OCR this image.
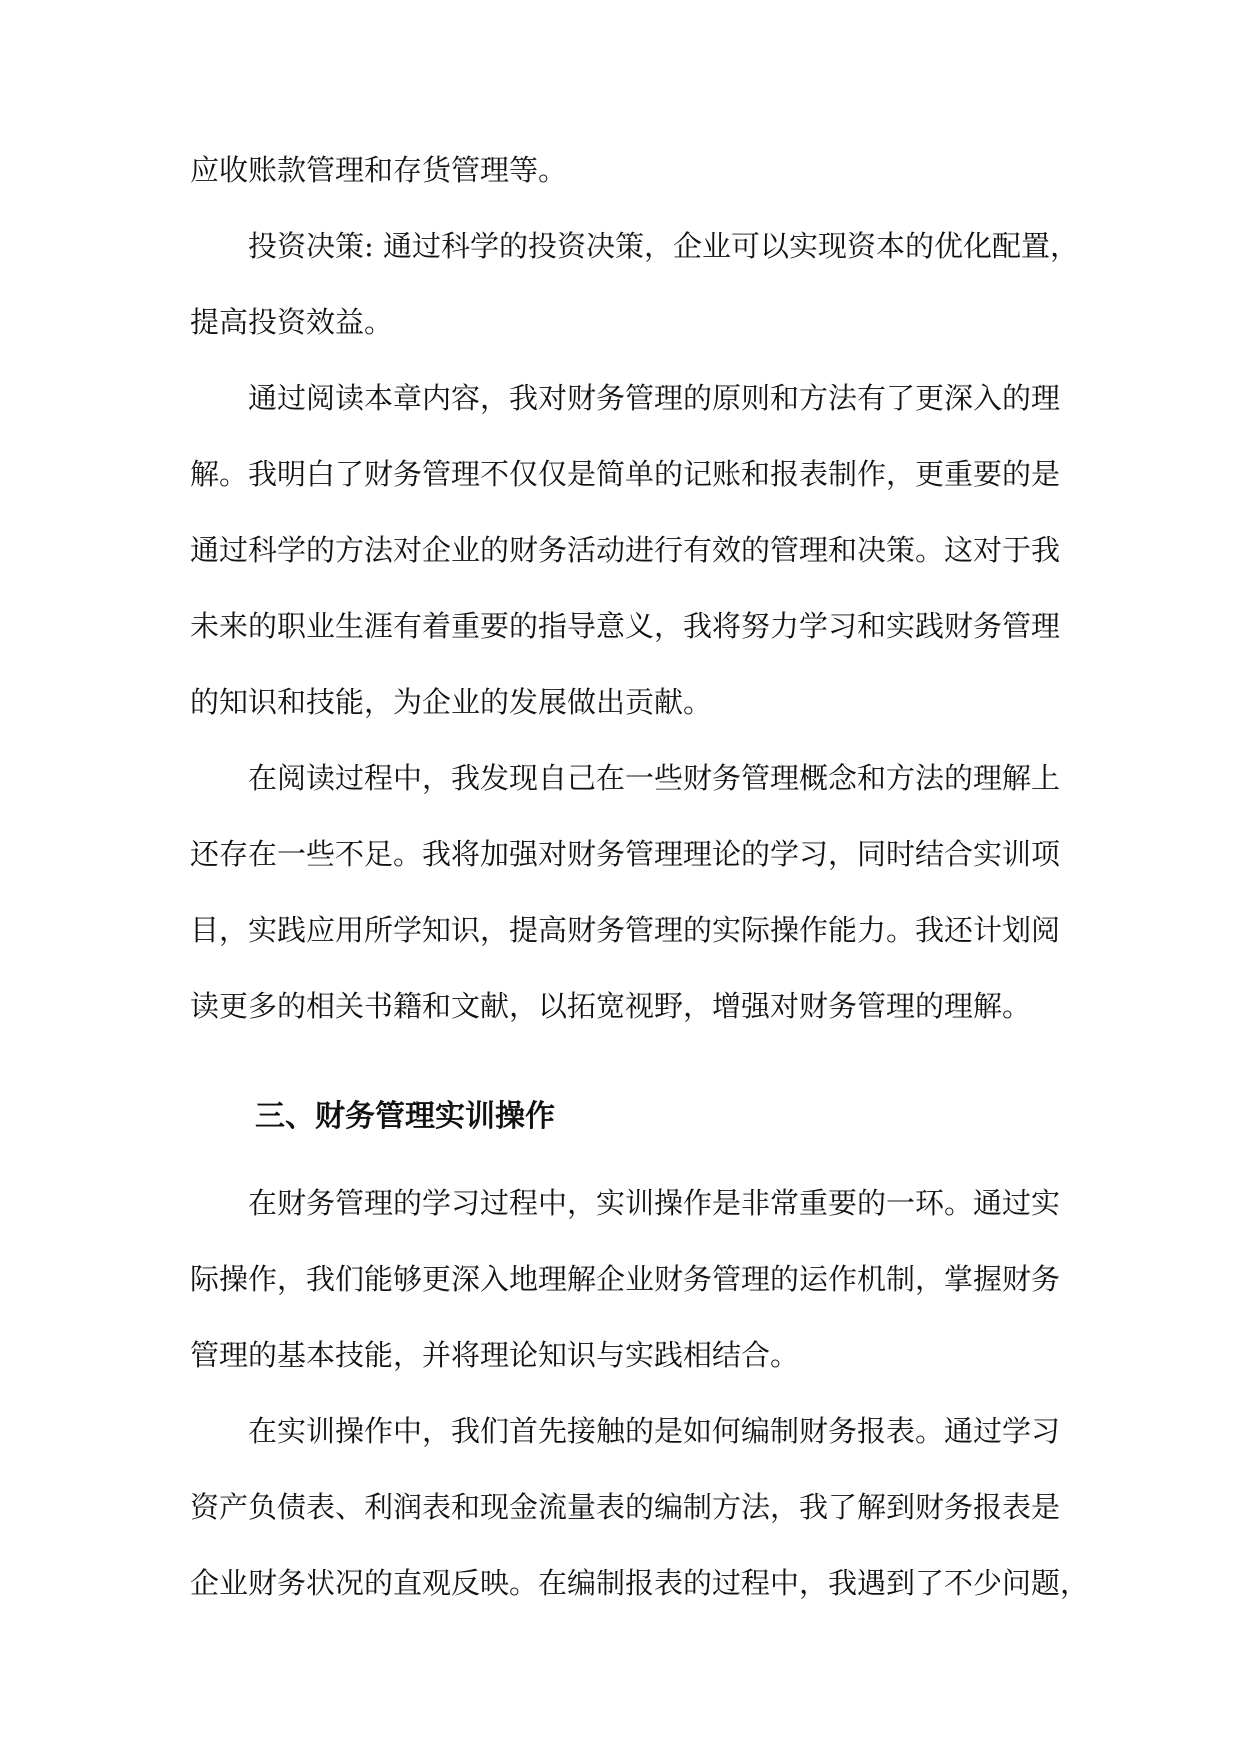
应收账款管理和存货管理等。
投资决策: 通过科学的投资决策，企业可以实现资本的优化配置，
提高投资效益。
通过阅读本章内容，我对财务管理的原则和方法有了更深入的理
解。我明白了财务管理不仅仅是简单的记账和报表制作，更重要的是
通过科学的方法对企业的财务活动进行有效的管理和决策。这对于我
未来的职业生涯有着重要的指导意义，我将努力学习和实践财务管理
的知识和技能，为企业的发展做出贡献。
在阅读过程中，我发现自己在一些财务管理概念和方法的理解上
还存在一些不足。我将加强对财务管理理论的学习，同时结合实训项
目，实践应用所学知识，提高财务管理的实际操作能力。我还计划阅
读更多的相关书籍和文献，以拓宽视野，增强对财务管理的理解。
三、财务管理实训操作
在财务管理的学习过程中，实训操作是非常重要的一环。通过实
际操作，我们能够更深入地理解企业财务管理的运作机制，掌握财务
管理的基本技能，并将理论知识与实践相结合。
在实训操作中，我们首先接触的是如何编制财务报表。通过学习
资产负债表、利润表和现金流量表的编制方法，我了解到财务报表是
企业财务状况的直观反映。在编制报表的过程中，我遇到了不少问题，
